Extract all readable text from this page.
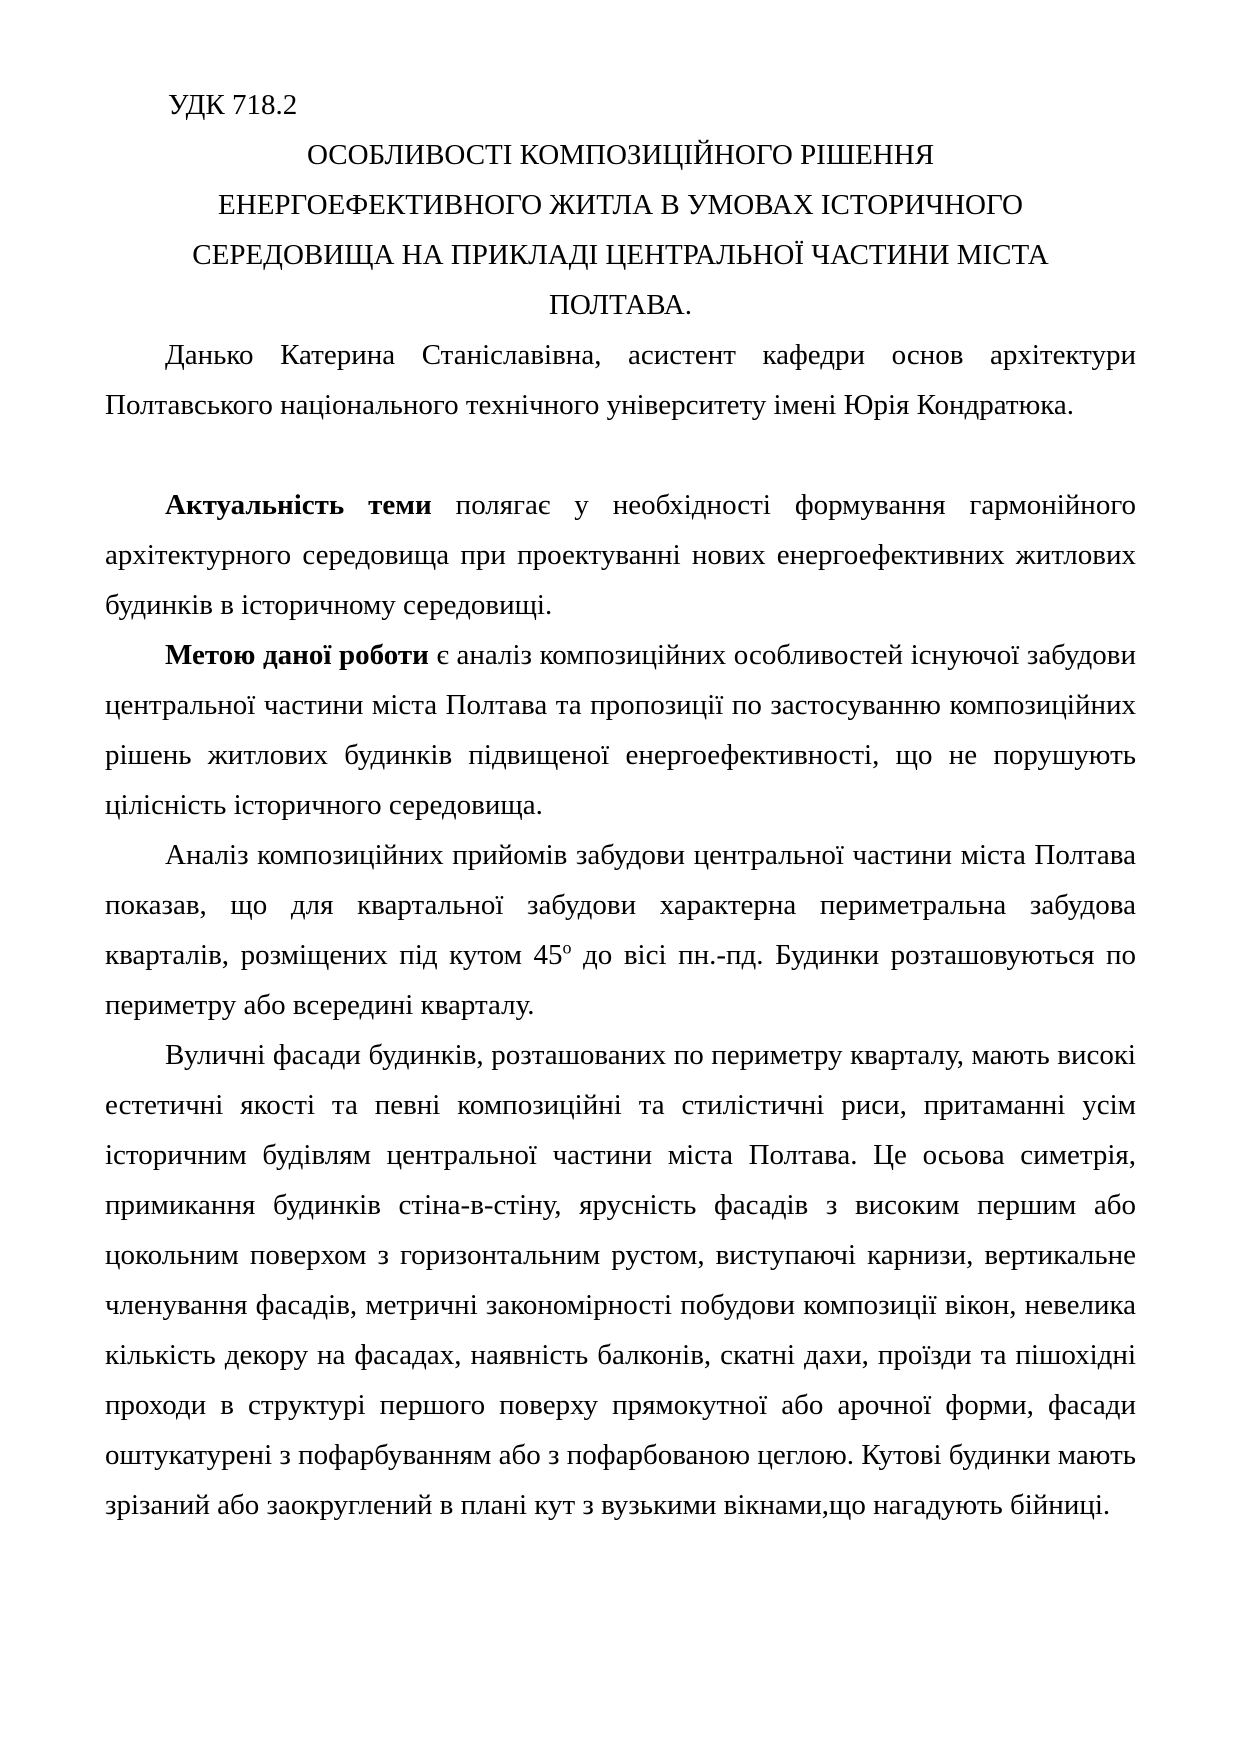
УДК 718.2

ОСОБЛИВОСТІ КОМПОЗИЦІЙНОГО РІШЕННЯ
ЕНЕРГОЕФЕКТИВНОГО ЖИТЛА В УМОВАХ ІСТОРИЧНОГО
СЕРЕДОВИЩА НА ПРИКЛАДІ ЦЕНТРАЛЬНОЇ ЧАСТИНИ МІСТА
ПОЛТАВА.

Данько Катерина Станіславівна, асистент кафедри основ архітектури Полтавського національного технічного університету імені Юрія Кондратюка.

Актуальність теми полягає у необхідності формування гармонійного архітектурного середовища при проектуванні нових енергоефективних житлових будинків в історичному середовищі.

Метою даної роботи є аналіз композиційних особливостей існуючої забудови центральної частини міста Полтава та пропозиції по застосуванню композиційних рішень житлових будинків підвищеної енергоефективності, що не порушують цілісність історичного середовища.

Аналіз композиційних прийомів забудови центральної частини міста Полтава показав, що для квартальної забудови характерна периметральна забудова кварталів, розміщених під кутом $45^о$ до вісі пн.-пд. Будинки розташовуються по периметру або всередині кварталу.

Вуличні фасади будинків, розташованих по периметру кварталу, мають високі естетичні якості та певні композиційні та стилістичні риси, притаманні усім історичним будівлям центральної частини міста Полтава. Це осьова симетрія, примикання будинків стіна-в-стіну, ярусність фасадів з високим першим або цокольним поверхом з горизонтальним рустом, виступаючі карнизи, вертикальне членування фасадів, метричні закономірності побудови композиції вікон, невелика кількість декору на фасадах, наявність балконів, скатні дахи, проїзди та пішохідні проходи в структурі першого поверху прямокутної або арочної форми, фасади оштукатурені з пофарбуванням або з пофарбованою цеглою. Кутові будинки мають зрізаний або заокруглений в плані кут з вузькими вікнами,що нагадують бійниці.
